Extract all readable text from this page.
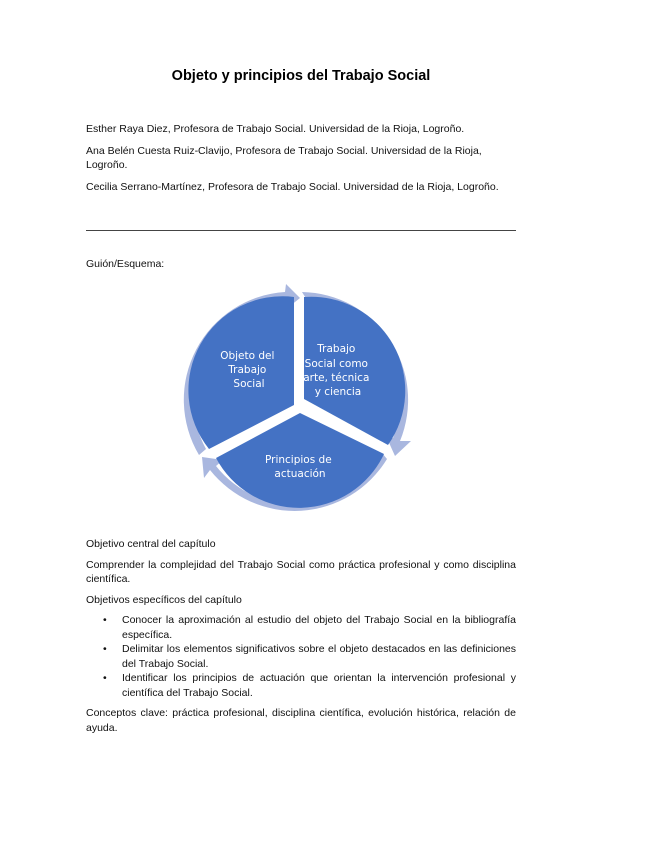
Objeto y principios del Trabajo Social

Esther Raya Diez, Profesora de Trabajo Social. Universidad de la Rioja, Logroño.

Ana Belén Cuesta Ruiz-Clavijo, Profesora de Trabajo Social. Universidad de la Rioja, Logroño.

Cecilia Serrano-Martínez, Profesora de Trabajo Social. Universidad de la Rioja, Logroño.

Guión/Esquema:
Objeto del Trabajo Social
Trabajo Social como arte, técnica y ciencia
Principios de actuación

Objetivo central del capítulo

Comprender la complejidad del Trabajo Social como práctica profesional y como disciplina científica.

Objetivos específicos del capítulo

• Conocer la aproximación al estudio del objeto del Trabajo Social en la bibliografía específica.
• Delimitar los elementos significativos sobre el objeto destacados en las definiciones del Trabajo Social.
• Identificar los principios de actuación que orientan la intervención profesional y científica del Trabajo Social.

Conceptos clave: práctica profesional, disciplina científica, evolución histórica, relación de ayuda.
